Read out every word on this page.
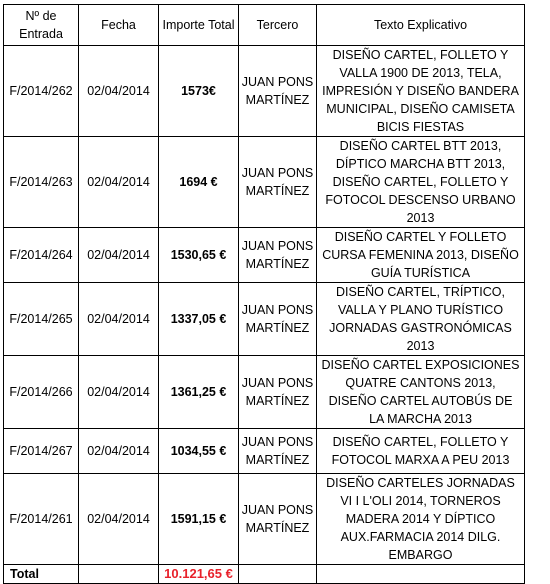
Nº de Entrada	Fecha	Importe Total	Tercero	Texto Explicativo
F/2014/262	02/04/2014	1573€	JUAN PONS MARTÍNEZ	DISEÑO CARTEL, FOLLETO Y VALLA 1900 DE 2013, TELA, IMPRESIÓN Y DISEÑO BANDERA MUNICIPAL, DISEÑO CAMISETA BICIS FIESTAS
F/2014/263	02/04/2014	1694 €	JUAN PONS MARTÍNEZ	DISEÑO CARTEL BTT 2013, DÍPTICO MARCHA BTT 2013, DISEÑO CARTEL, FOLLETO Y FOTOCOL DESCENSO URBANO 2013
F/2014/264	02/04/2014	1530,65 €	JUAN PONS MARTÍNEZ	DISEÑO CARTEL Y FOLLETO CURSA FEMENINA 2013, DISEÑO GUÍA TURÍSTICA
F/2014/265	02/04/2014	1337,05 €	JUAN PONS MARTÍNEZ	DISEÑO CARTEL, TRÍPTICO, VALLA Y PLANO TURÍSTICO JORNADAS GASTRONÓMICAS 2013
F/2014/266	02/04/2014	1361,25 €	JUAN PONS MARTÍNEZ	DISEÑO CARTEL EXPOSICIONES QUATRE CANTONS 2013, DISEÑO CARTEL AUTOBÚS DE LA MARCHA 2013
F/2014/267	02/04/2014	1034,55 €	JUAN PONS MARTÍNEZ	DISEÑO CARTEL, FOLLETO Y FOTOCOL MARXA A PEU 2013
F/2014/261	02/04/2014	1591,15 €	JUAN PONS MARTÍNEZ	DISEÑO CARTELES JORNADAS VI I L'OLI 2014, TORNEROS MADERA 2014 Y DÍPTICO AUX.FARMACIA 2014 DILG. EMBARGO
Total		10.121,65 €		
